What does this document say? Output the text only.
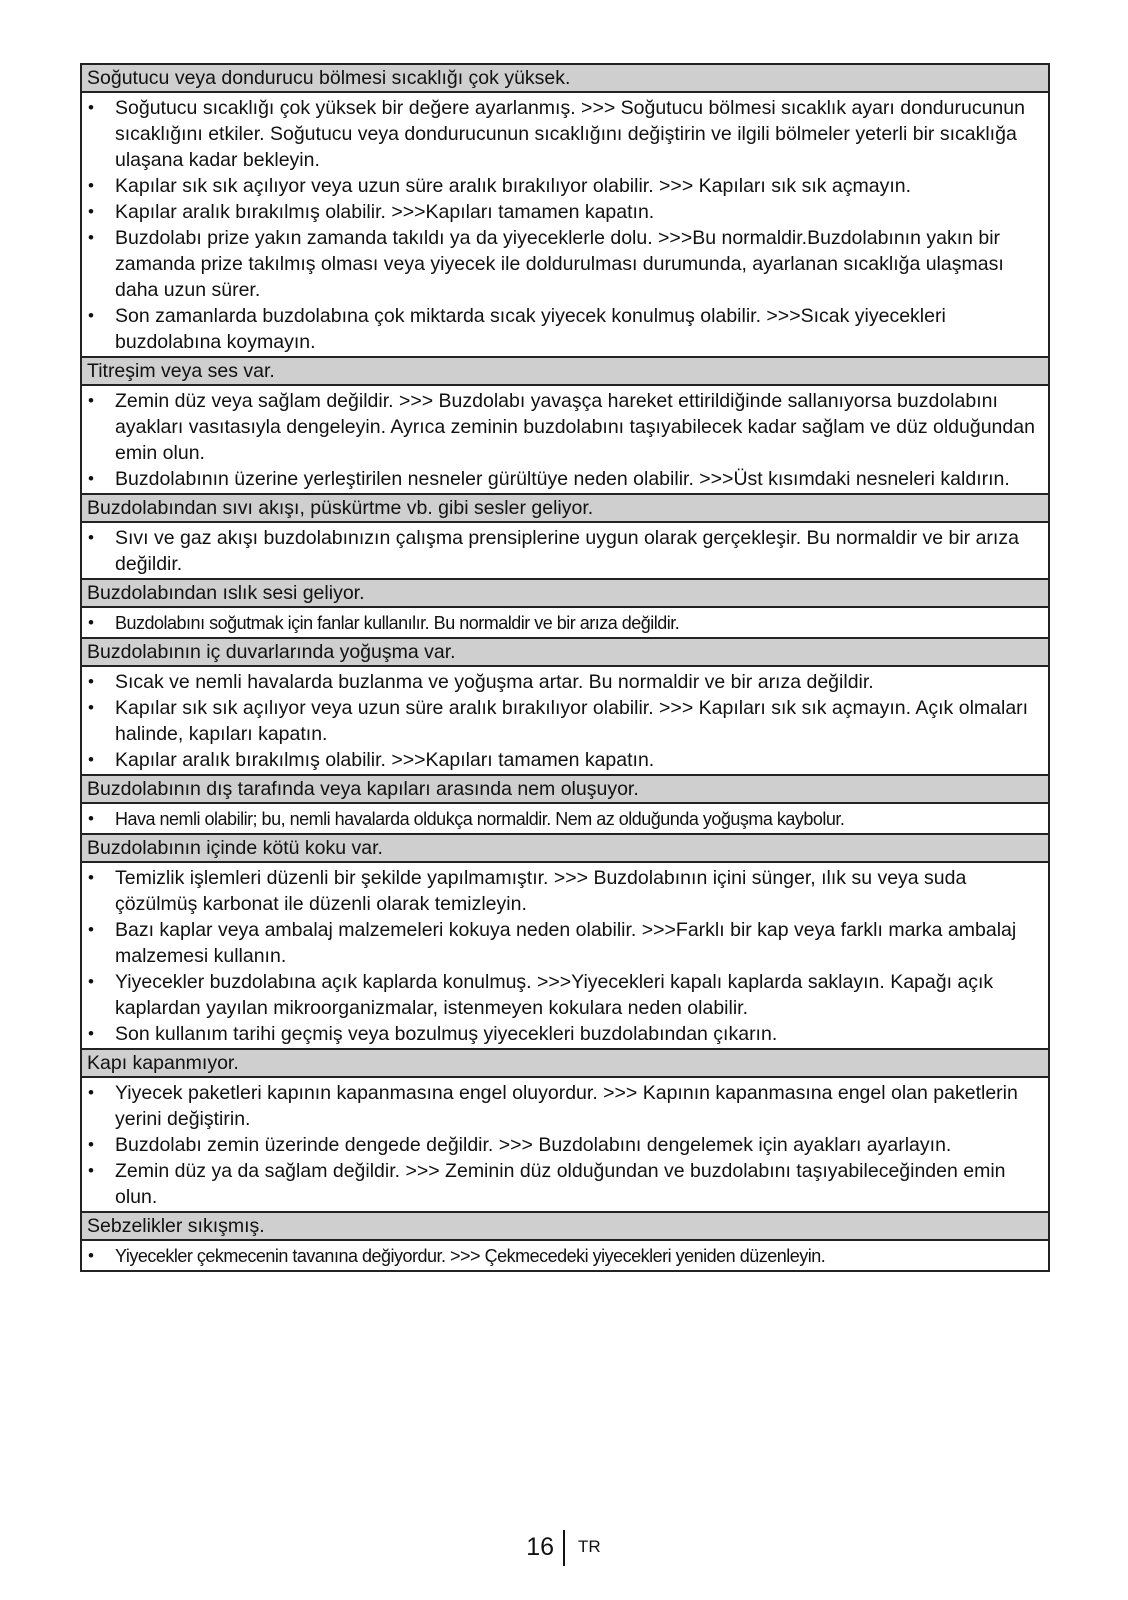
Soğutucu veya dondurucu bölmesi sıcaklığı çok yüksek.
• Soğutucu sıcaklığı çok yüksek bir değere ayarlanmış. >>> Soğutucu bölmesi sıcaklık ayarı dondurucunun sıcaklığını etkiler. Soğutucu veya dondurucunun sıcaklığını değiştirin ve ilgili bölmeler yeterli bir sıcaklığa ulaşana kadar bekleyin.
• Kapılar sık sık açılıyor veya uzun süre aralık bırakılıyor olabilir. >>> Kapıları sık sık açmayın.
• Kapılar aralık bırakılmış olabilir. >>>Kapıları tamamen kapatın.
• Buzdolabı prize yakın zamanda takıldı ya da yiyeceklerle dolu. >>>Bu normaldir.Buzdolabının yakın bir zamanda prize takılmış olması veya yiyecek ile doldurulması durumunda, ayarlanan sıcaklığa ulaşması daha uzun sürer.
• Son zamanlarda buzdolabına çok miktarda sıcak yiyecek konulmuş olabilir. >>>Sıcak yiyecekleri buzdolabına koymayın.
Titreşim veya ses var.
• Zemin düz veya sağlam değildir. >>> Buzdolabı yavaşça hareket ettirildiğinde sallanıyorsa buzdolabını ayakları vasıtasıyla dengeleyin. Ayrıca zeminin buzdolabını taşıyabilecek kadar sağlam ve düz olduğundan emin olun.
• Buzdolabının üzerine yerleştirilen nesneler gürültüye neden olabilir. >>>Üst kısımdaki nesneleri kaldırın.
Buzdolabından sıvı akışı, püskürtme vb. gibi sesler geliyor.
• Sıvı ve gaz akışı buzdolabınızın çalışma prensiplerine uygun olarak gerçekleşir. Bu normaldir ve bir arıza değildir.
Buzdolabından ıslık sesi geliyor.
• Buzdolabını soğutmak için fanlar kullanılır. Bu normaldir ve bir arıza değildir.
Buzdolabının iç duvarlarında yoğuşma var.
• Sıcak ve nemli havalarda buzlanma ve yoğuşma artar. Bu normaldir ve bir arıza değildir.
• Kapılar sık sık açılıyor veya uzun süre aralık bırakılıyor olabilir. >>> Kapıları sık sık açmayın. Açık olmaları halinde, kapıları kapatın.
• Kapılar aralık bırakılmış olabilir. >>>Kapıları tamamen kapatın.
Buzdolabının dış tarafında veya kapıları arasında nem oluşuyor.
• Hava nemli olabilir; bu, nemli havalarda oldukça normaldir. Nem az olduğunda yoğuşma kaybolur.
Buzdolabının içinde kötü koku var.
• Temizlik işlemleri düzenli bir şekilde yapılmamıştır. >>> Buzdolabının içini sünger, ılık su veya suda çözülmüş karbonat ile düzenli olarak temizleyin.
• Bazı kaplar veya ambalaj malzemeleri kokuya neden olabilir. >>>Farklı bir kap veya farklı marka ambalaj malzemesi kullanın.
• Yiyecekler buzdolabına açık kaplarda konulmuş. >>>Yiyecekleri kapalı kaplarda saklayın. Kapağı açık kaplardan yayılan mikroorganizmalar, istenmeyen kokulara neden olabilir.
• Son kullanım tarihi geçmiş veya bozulmuş yiyecekleri buzdolabından çıkarın.
Kapı kapanmıyor.
• Yiyecek paketleri kapının kapanmasına engel oluyordur. >>> Kapının kapanmasına engel olan paketlerin yerini değiştirin.
• Buzdolabı zemin üzerinde dengede değildir. >>> Buzdolabını dengelemek için ayakları ayarlayın.
• Zemin düz ya da sağlam değildir. >>> Zeminin düz olduğundan ve buzdolabını taşıyabileceğinden emin olun.
Sebzelikler sıkışmış.
• Yiyecekler çekmecenin tavanına değiyordur. >>> Çekmecedeki yiyecekleri yeniden düzenleyin.
16 TR
